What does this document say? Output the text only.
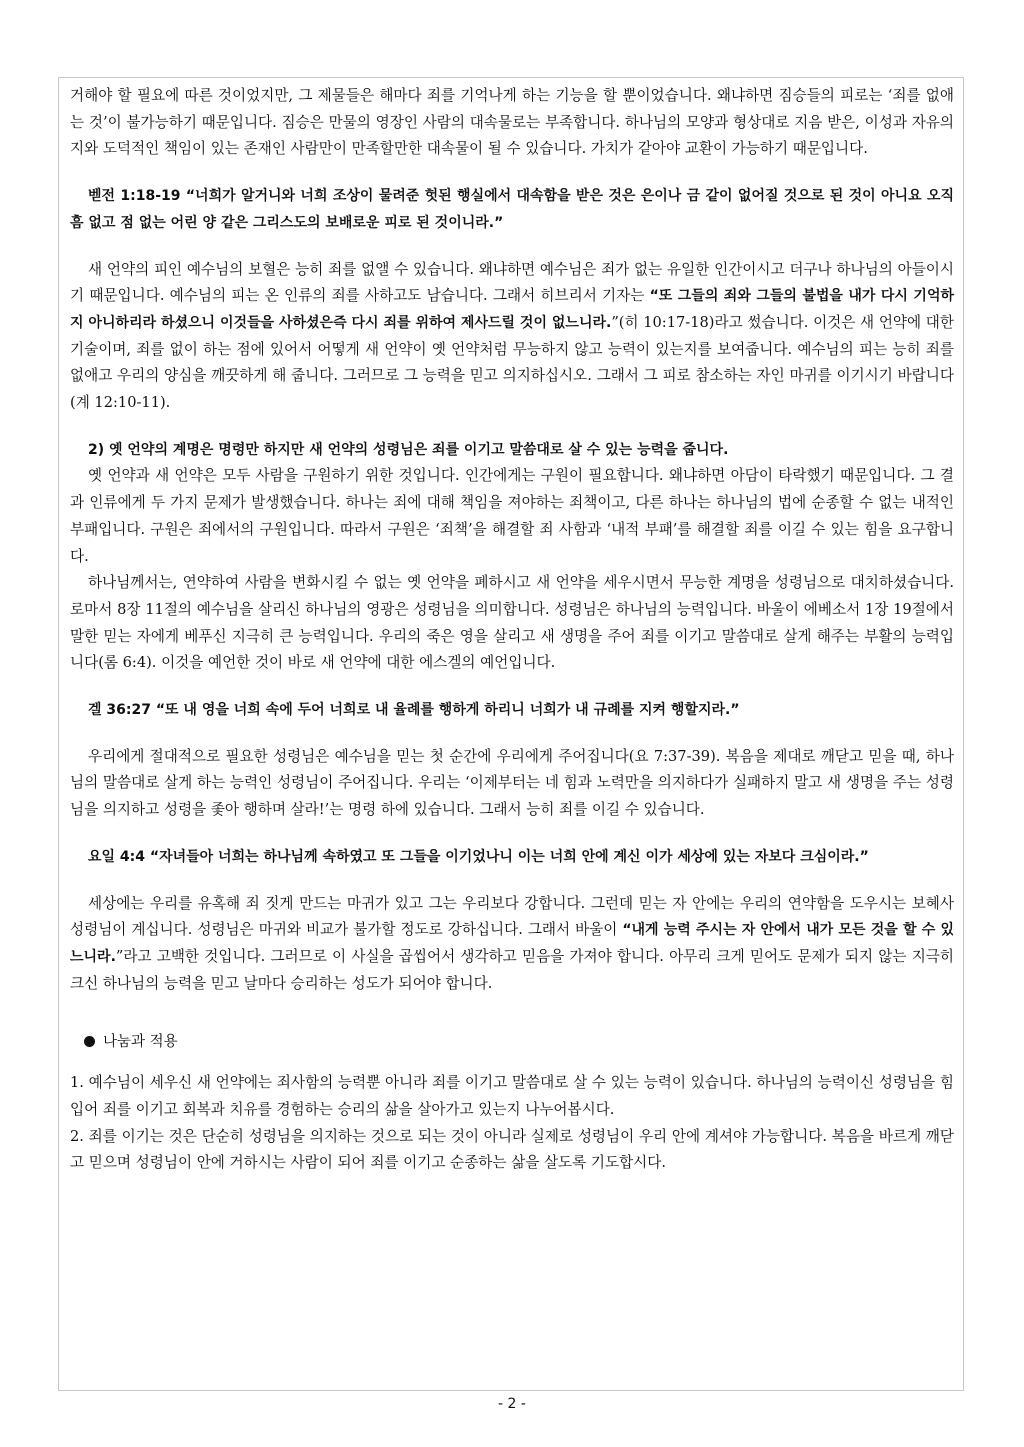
거해야 할 필요에 따른 것이었지만, 그 제물들은 해마다 죄를 기억나게 하는 기능을 할 뿐이었습니다. 왜냐하면 짐승들의 피로는 ‘죄를 없애는 것’이 불가능하기 때문입니다. 짐승은 만물의 영장인 사람의 대속물로는 부족합니다. 하나님의 모양과 형상대로 지음 받은, 이성과 자유의지와 도덕적인 책임이 있는 존재인 사람만이 만족할만한 대속물이 될 수 있습니다. 가치가 같아야 교환이 가능하기 때문입니다.

벧전 1:18-19 “너희가 알거니와 너희 조상이 물려준 헛된 행실에서 대속함을 받은 것은 은이나 금 같이 없어질 것으로 된 것이 아니요 오직 흠 없고 점 없는 어린 양 같은 그리스도의 보배로운 피로 된 것이니라.”

새 언약의 피인 예수님의 보혈은 능히 죄를 없앨 수 있습니다. 왜냐하면 예수님은 죄가 없는 유일한 인간이시고 더구나 하나님의 아들이시기 때문입니다. 예수님의 피는 온 인류의 죄를 사하고도 남습니다. 그래서 히브리서 기자는 “또 그들의 죄와 그들의 불법을 내가 다시 기억하지 아니하리라 하셨으니 이것들을 사하셨은즉 다시 죄를 위하여 제사드릴 것이 없느니라.”(히 10:17-18)라고 썼습니다. 이것은 새 언약에 대한 기술이며, 죄를 없이 하는 점에 있어서 어떻게 새 언약이 옛 언약처럼 무능하지 않고 능력이 있는지를 보여줍니다. 예수님의 피는 능히 죄를 없애고 우리의 양심을 깨끗하게 해 줍니다. 그러므로 그 능력을 믿고 의지하십시오. 그래서 그 피로 참소하는 자인 마귀를 이기시기 바랍니다(계 12:10-11).

2) 옛 언약의 계명은 명령만 하지만 새 언약의 성령님은 죄를 이기고 말씀대로 살 수 있는 능력을 줍니다.

옛 언약과 새 언약은 모두 사람을 구원하기 위한 것입니다. 인간에게는 구원이 필요합니다. 왜냐하면 아담이 타락했기 때문입니다. 그 결과 인류에게 두 가지 문제가 발생했습니다. 하나는 죄에 대해 책임을 져야하는 죄책이고, 다른 하나는 하나님의 법에 순종할 수 없는 내적인 부패입니다. 구원은 죄에서의 구원입니다. 따라서 구원은 ‘죄책’을 해결할 죄 사함과 ‘내적 부패’를 해결할 죄를 이길 수 있는 힘을 요구합니다.

하나님께서는, 연약하여 사람을 변화시킬 수 없는 옛 언약을 폐하시고 새 언약을 세우시면서 무능한 계명을 성령님으로 대치하셨습니다. 로마서 8장 11절의 예수님을 살리신 하나님의 영광은 성령님을 의미합니다. 성령님은 하나님의 능력입니다. 바울이 에베소서 1장 19절에서 말한 믿는 자에게 베푸신 지극히 큰 능력입니다. 우리의 죽은 영을 살리고 새 생명을 주어 죄를 이기고 말씀대로 살게 해주는 부활의 능력입니다(롬 6:4). 이것을 예언한 것이 바로 새 언약에 대한 에스겔의 예언입니다.

겔 36:27 “또 내 영을 너희 속에 두어 너희로 내 율례를 행하게 하리니 너희가 내 규례를 지켜 행할지라.”

우리에게 절대적으로 필요한 성령님은 예수님을 믿는 첫 순간에 우리에게 주어집니다(요 7:37-39). 복음을 제대로 깨닫고 믿을 때, 하나님의 말씀대로 살게 하는 능력인 성령님이 주어집니다. 우리는 ‘이제부터는 네 힘과 노력만을 의지하다가 실패하지 말고 새 생명을 주는 성령님을 의지하고 성령을 좇아 행하며 살라!’는 명령 하에 있습니다. 그래서 능히 죄를 이길 수 있습니다.

요일 4:4 “자녀들아 너희는 하나님께 속하였고 또 그들을 이기었나니 이는 너희 안에 계신 이가 세상에 있는 자보다 크심이라.”

세상에는 우리를 유혹해 죄 짓게 만드는 마귀가 있고 그는 우리보다 강합니다. 그런데 믿는 자 안에는 우리의 연약함을 도우시는 보혜사 성령님이 계십니다. 성령님은 마귀와 비교가 불가할 정도로 강하십니다. 그래서 바울이 “내게 능력 주시는 자 안에서 내가 모든 것을 할 수 있느니라.”라고 고백한 것입니다. 그러므로 이 사실을 곱씹어서 생각하고 믿음을 가져야 합니다. 아무리 크게 믿어도 문제가 되지 않는 지극히 크신 하나님의 능력을 믿고 날마다 승리하는 성도가 되어야 합니다.

나눔과 적용

1. 예수님이 세우신 새 언약에는 죄사함의 능력뿐 아니라 죄를 이기고 말씀대로 살 수 있는 능력이 있습니다. 하나님의 능력이신 성령님을 힘입어 죄를 이기고 회복과 치유를 경험하는 승리의 삶을 살아가고 있는지 나누어봅시다.

2. 죄를 이기는 것은 단순히 성령님을 의지하는 것으로 되는 것이 아니라 실제로 성령님이 우리 안에 계셔야 가능합니다. 복음을 바르게 깨닫고 믿으며 성령님이 안에 거하시는 사람이 되어 죄를 이기고 순종하는 삶을 살도록 기도합시다.

- 2 -
